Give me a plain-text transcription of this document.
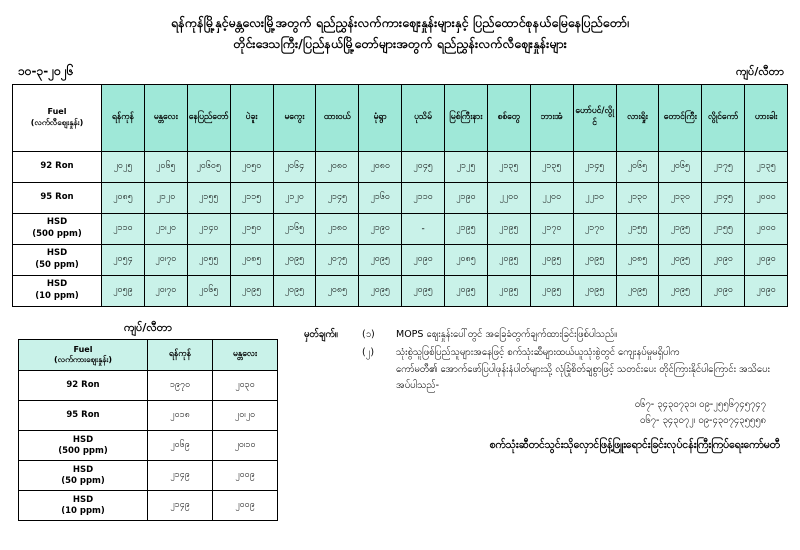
ရန်ကုန်မြို့နှင့်မန္တလေးမြို့အတွက် ရည်ညွှန်းလက်ကားဈေးနှုန်းများနှင့် ပြည်ထောင်စုနယ်မြေနေပြည်တော်၊
တိုင်းဒေသကြီး/ပြည်နယ်မြို့တော်များအတွက် ရည်ညွှန်းလက်လီဈေးနှုန်းများ
၁၀-၃-၂၀၂၆	ကျပ်/လီတာ
Fuel
(လက်လီဈေးနှုန်း)	ရန်ကုန်	မန္တလေး	နေပြည်တော်	ပဲခူး	မကွေး	ထားဝယ်	မုံရွာ	ပုသိမ်	မြစ်ကြီးနား	စစ်တွေ	ဘားအံ	ဟော်ပင်/လွိုင်	လားရှိုး	တောင်ကြီး	လွိုင်ကော်	ဟားခါး

92 Ron	၂၀၂၅	၂၀၆၅	၂၀၆၀၅	၂၀၅၀	၂၀၆၄	၂၀၈၀	၂၀၈၀	၂၀၄၅	၂၁၂၅	၂၁၃၅	၂၁၃၅	၂၁၄၅	၂၀၆၅	၂၀၆၅	၂၁၇၅	၂၁၃၅

95 Ron	၂၀၈၅	၂၁၂၀	၂၁၅၅	၂၁၁၅	၂၁၂၀	၂၁၄၅	၂၁၆၀	၂၁၁၀	၂၁၉၀	၂၂၀၀	၂၂၀၀	၂၂၁၀	၂၁၃၀	၂၁၃၀	၂၁၄၅	၂၀၀၀

HSD
(500 ppm)	၂၁၁၀	၂၁၊၂၀	၂၁၄၀	၂၁၅၀	၂၁၆၅	၂၁၈၀	၂၁၉၀	-	၂၁၉၅	၂၁၉၅	၂၁၇၀	၂၁၇၀	၂၁၅၅	၂၁၉၅	၂၁၅၅	၂၀၀၀

HSD
(50 ppm)	၂၀၅၄	၂၀၊၇၀	၂၀၅၅	၂၀၈၅	၂၀၉၅	၂၀၇၅	၂၀၉၅	၂၀၉၀	၂၀၈၅	၂၀၉၅	၂၀၉၅	၂၀၉၅	၂၀၈၅	၂၀၉၅	၂၀၉၀	၂၀၉၀

HSD
(10 ppm)	၂၀၅၉	၂၀၊၇၀	၂၀၆၅	၂၀၉၅	၂၀၉၅	၂၀၈၅	၂၀၉၅	၂၀၉၅	၂၀၉၅	၂၀၉၅	၂၀၉၅	၂၀၉၅	၂၀၉၅	၂၀၉၅	၂၀၉၀	၂၀၉၀
ကျပ်/လီတာ
Fuel
(လက်ကားဈေးနှုန်း)	ရန်ကုန်	မန္တလေး

92 Ron	၁၉၇၀	၂၀၃၀

95 Ron	၂၀၁၈	၂၀၊၂၀

HSD
(500 ppm)	၂၀၆၉	၂၀၊၁၀

HSD
(50 ppm)	၂၁၄၉	၂၀၀၉

HSD
(10 ppm)	၂၁၄၉	၂၀၀၉
မှတ်ချက်။	(၁)	MOPS ဈေးနှုန်းပေါ်တွင် အခြေခံတွက်ချက်ထားခြင်းဖြစ်ပါသည်။
(၂)	သုံးစွဲသူဖြစ်ပြည်သူများအနေဖြင့် စက်သုံးဆီများထယ်ယူသုံးစွဲတွင် ကျေးနပ်မှုမရှိပါက
ကော်မတီ၏ အောက်ဖော်ပြပါဖုန်းနံပါတ်များသို့ လုံခြုံစိတ်ချစွာဖြင့် သတင်းပေး တိုင်ကြားနိုင်ပါကြောင်း အသိပေးအပ်ပါသည်-
ဝ၆၇- ၃၄၃၀၇၃၁၊ ဝ၉-၂၅၅၆၇၄၅၇၄၇
ဝ၆၇- ၃၄၃၀၇၂၊ ဝ၉-၄၃၀၇၄၃၅၅၅၈
စက်သုံးဆီတင်သွင်းသိုလှောင်ဖြန့်ဖြူးရောင်းခြင်းလုပ်ငန်းကြီးကြပ်ရေးကော်မတီ
